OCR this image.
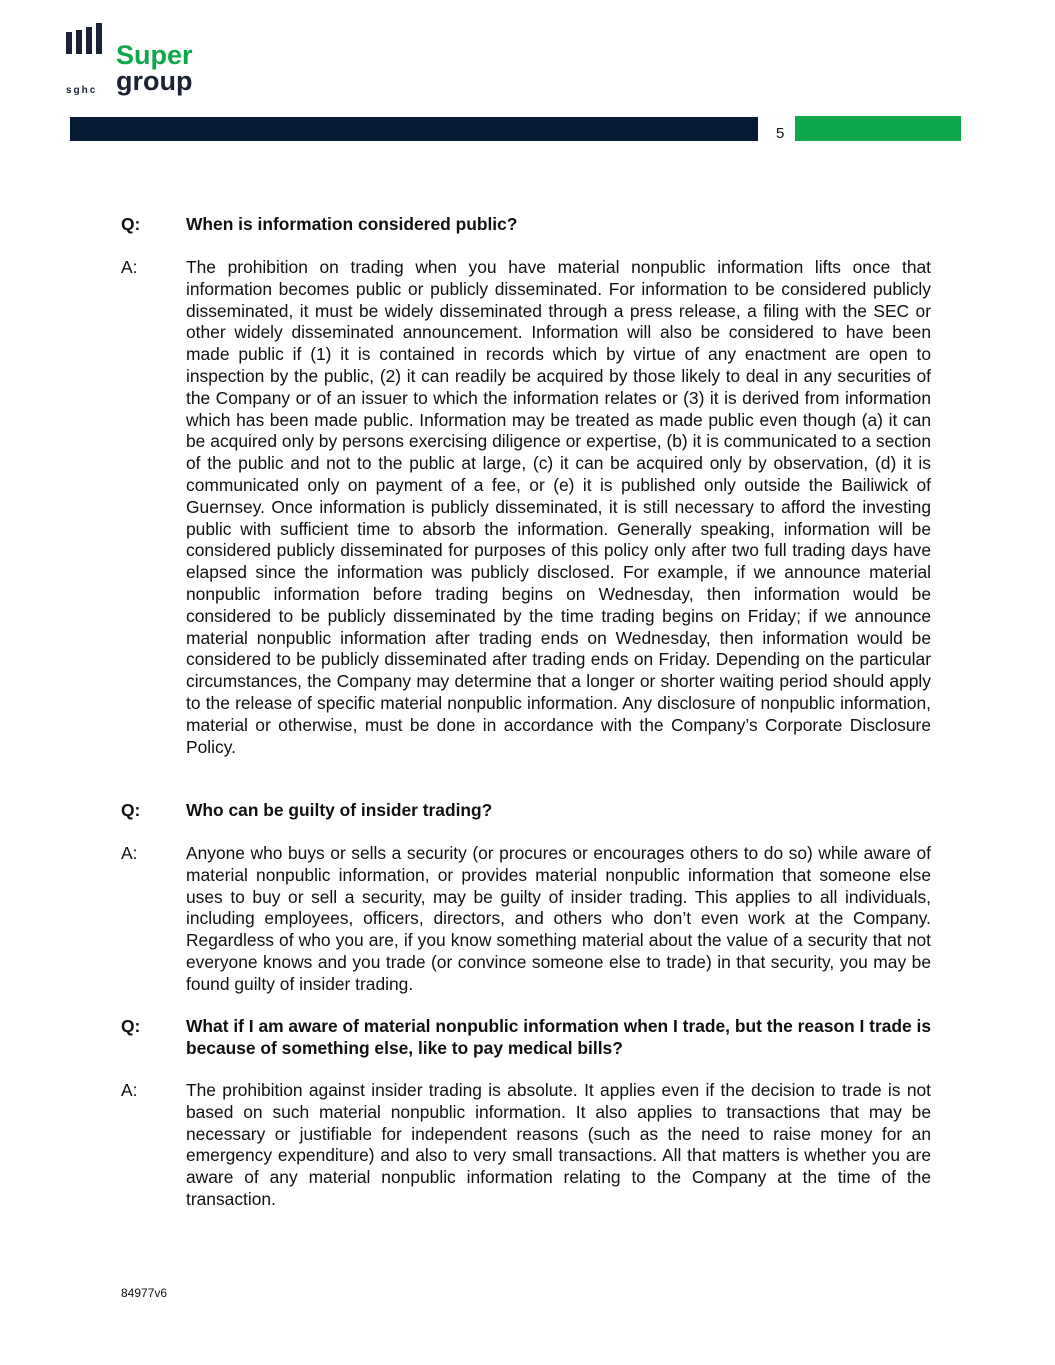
sghc
Super
group
5
Q:	When is information considered public?
A:	The prohibition on trading when you have material nonpublic information lifts once that information becomes public or publicly disseminated. For information to be considered publicly disseminated, it must be widely disseminated through a press release, a filing with the SEC or other widely disseminated announcement. Information will also be considered to have been made public if (1) it is contained in records which by virtue of any enactment are open to inspection by the public, (2) it can readily be acquired by those likely to deal in any securities of the Company or of an issuer to which the information relates or (3) it is derived from information which has been made public. Information may be treated as made public even though (a) it can be acquired only by persons exercising diligence or expertise, (b) it is communicated to a section of the public and not to the public at large, (c) it can be acquired only by observation, (d) it is communicated only on payment of a fee, or (e) it is published only outside the Bailiwick of Guernsey. Once information is publicly disseminated, it is still necessary to afford the investing public with sufficient time to absorb the information. Generally speaking, information will be considered publicly disseminated for purposes of this policy only after two full trading days have elapsed since the information was publicly disclosed. For example, if we announce material nonpublic information before trading begins on Wednesday, then information would be considered to be publicly disseminated by the time trading begins on Friday; if we announce material nonpublic information after trading ends on Wednesday, then information would be considered to be publicly disseminated after trading ends on Friday. Depending on the particular circumstances, the Company may determine that a longer or shorter waiting period should apply to the release of specific material nonpublic information. Any disclosure of nonpublic information, material or otherwise, must be done in accordance with the Company’s Corporate Disclosure Policy.
Q:	Who can be guilty of insider trading?
A:	Anyone who buys or sells a security (or procures or encourages others to do so) while aware of material nonpublic information, or provides material nonpublic information that someone else uses to buy or sell a security, may be guilty of insider trading. This applies to all individuals, including employees, officers, directors, and others who don’t even work at the Company. Regardless of who you are, if you know something material about the value of a security that not everyone knows and you trade (or convince someone else to trade) in that security, you may be found guilty of insider trading.
Q:	What if I am aware of material nonpublic information when I trade, but the reason I trade is because of something else, like to pay medical bills?
A:	The prohibition against insider trading is absolute. It applies even if the decision to trade is not based on such material nonpublic information. It also applies to transactions that may be necessary or justifiable for independent reasons (such as the need to raise money for an emergency expenditure) and also to very small transactions. All that matters is whether you are aware of any material nonpublic information relating to the Company at the time of the transaction.
84977v6
